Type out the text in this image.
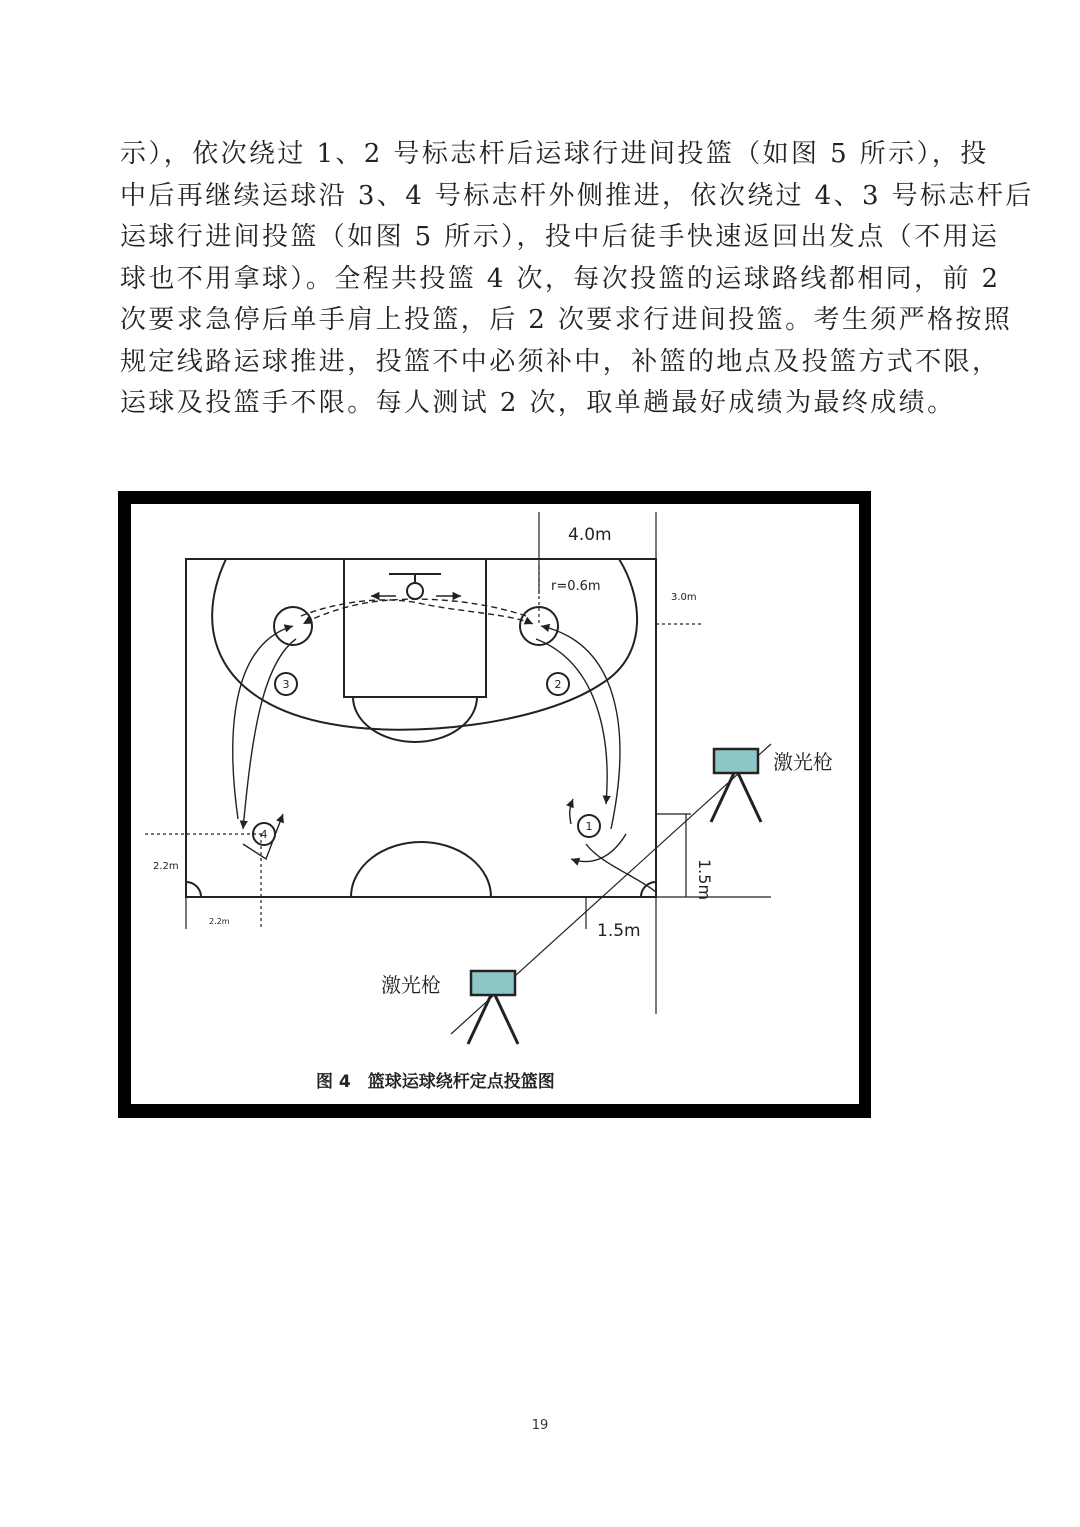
示），依次绕过 1、2 号标志杆后运球行进间投篮（如图 5 所示），投
中后再继续运球沿 3、4 号标志杆外侧推进，依次绕过 4、3 号标志杆后
运球行进间投篮（如图 5 所示），投中后徒手快速返回出发点（不用运
球也不用拿球）。全程共投篮 4 次，每次投篮的运球路线都相同，前 2
次要求急停后单手肩上投篮，后 2 次要求行进间投篮。考生须严格按照
规定线路运球推进，投篮不中必须补中，补篮的地点及投篮方式不限，
运球及投篮手不限。每人测试 2 次，取单趟最好成绩为最终成绩。
3	2
4
1
4.0m
r=0.6m
3.0m
2.2m
2.2m	1.5m
1.5m
激光枪
激光枪
图 4　篮球运球绕杆定点投篮图
19
